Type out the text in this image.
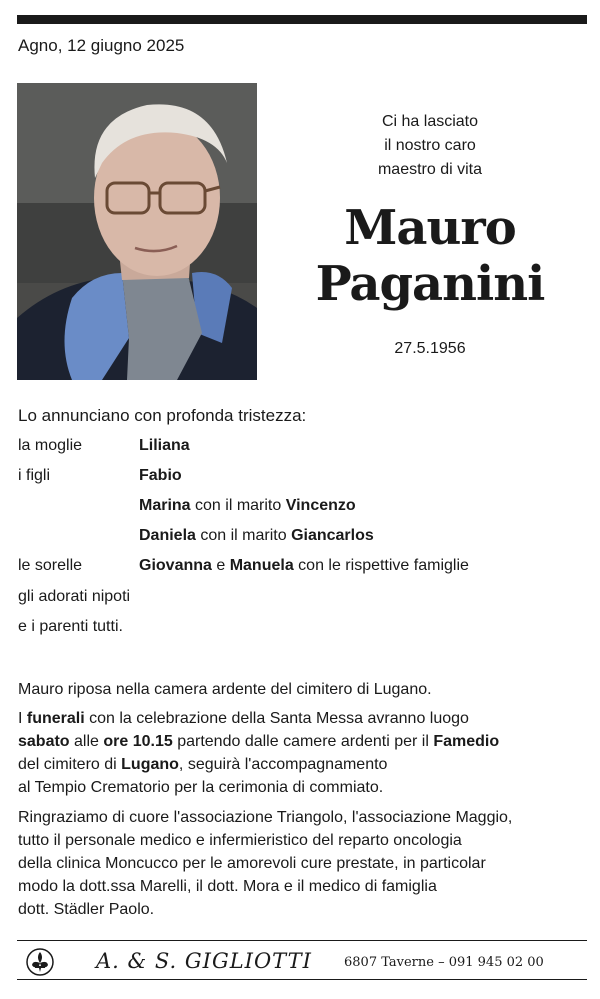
Agno, 12 giugno 2025
Ci ha lasciato
il nostro caro
maestro di vita
Mauro
Paganini
27.5.1956
Lo annunciano con profonda tristezza:
la moglie	Liliana
i figli	Fabio
Marina con il marito Vincenzo
Daniela con il marito Giancarlos
le sorelle	Giovanna e Manuela con le rispettive famiglie
gli adorati nipoti
e i parenti tutti.
Mauro riposa nella camera ardente del cimitero di Lugano.
I funerali con la celebrazione della Santa Messa avranno luogo
sabato alle ore 10.15 partendo dalle camere ardenti per il Famedio
del cimitero di Lugano, seguirà l'accompagnamento
al Tempio Crematorio per la cerimonia di commiato.
Ringraziamo di cuore l'associazione Triangolo, l'associazione Maggio,
tutto il personale medico e infermieristico del reparto oncologia
della clinica Moncucco per le amorevoli cure prestate, in particolar
modo la dott.ssa Marelli, il dott. Mora e il medico di famiglia
dott. Städler Paolo.
A. & S. GIGLIOTTI 6807 Taverne – 091 945 02 00
